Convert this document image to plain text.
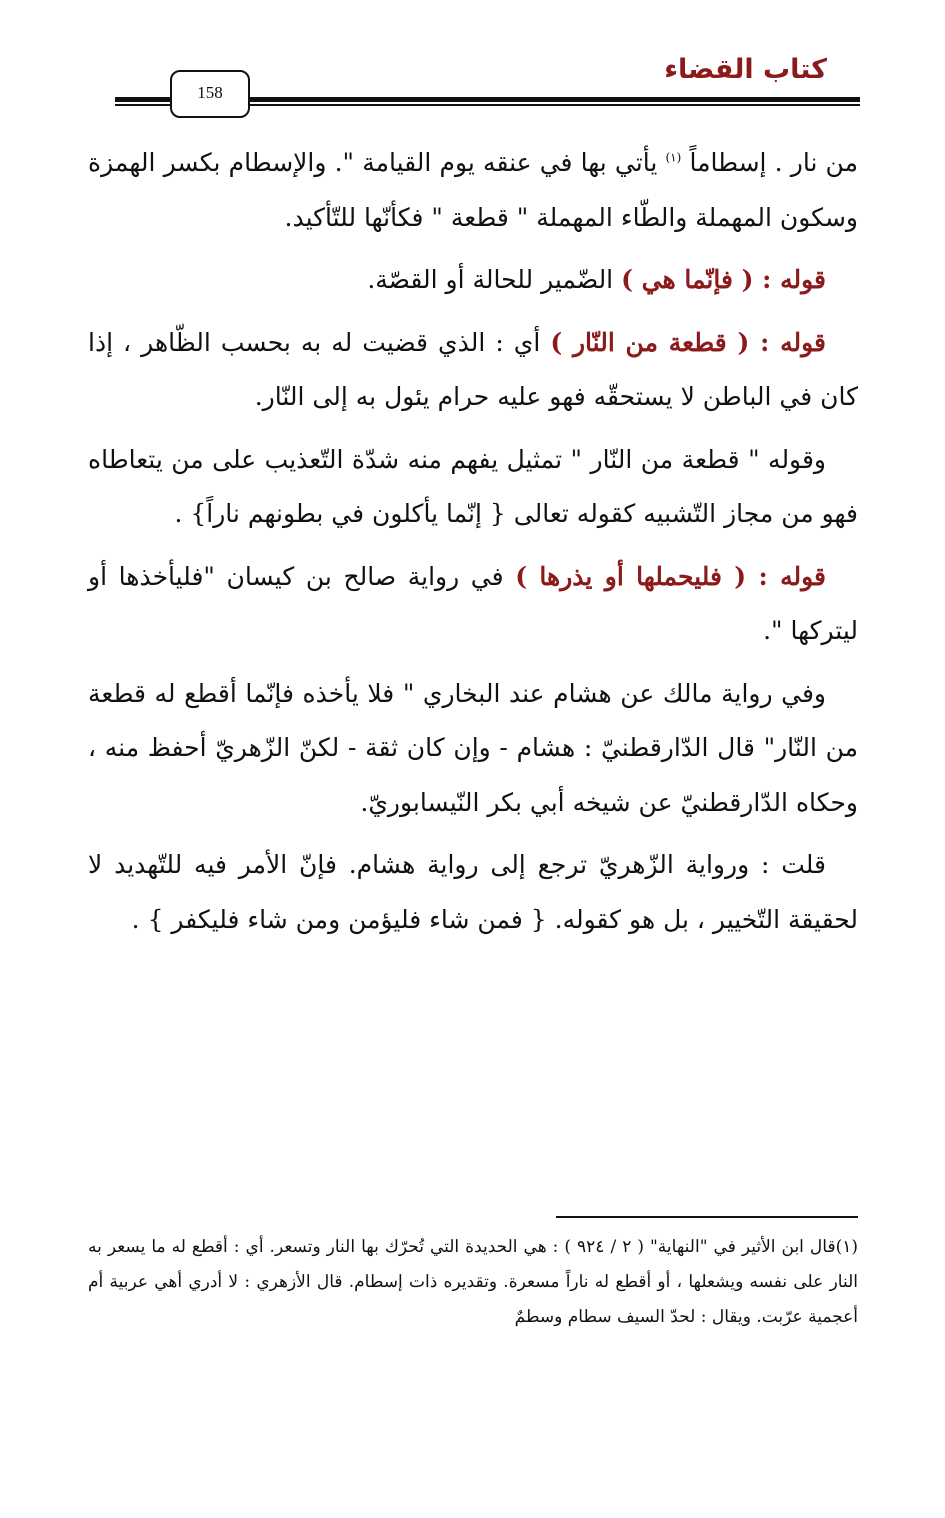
كتاب القضاء
158

من نار . إسطاماً $^{(١)}$ يأتي بها في عنقه يوم القيامة ". والإسطام بكسر الهمزة وسكون المهملة والطّاء المهملة " قطعة " فكأنّها للتّأكيد.

قوله : ( فإنّما هي ) الضّمير للحالة أو القصّة.

قوله : ( قطعة من النّار ) أي : الذي قضيت له به بحسب الظّاهر ، إذا كان في الباطن لا يستحقّه فهو عليه حرام يئول به إلى النّار.

وقوله " قطعة من النّار " تمثيل يفهم منه شدّة التّعذيب على من يتعاطاه فهو من مجاز التّشبيه كقوله تعالى { إنّما يأكلون في بطونهم ناراً} .

قوله : ( فليحملها أو يذرها ) في رواية صالح بن كيسان "فليأخذها أو ليتركها ".

وفي رواية مالك عن هشام عند البخاري " فلا يأخذه فإنّما أقطع له قطعة من النّار" قال الدّارقطنيّ : هشام - وإن كان ثقة - لكنّ الزّهريّ أحفظ منه ، وحكاه الدّارقطنيّ عن شيخه أبي بكر النّيسابوريّ.

قلت : ورواية الزّهريّ ترجع إلى رواية هشام. فإنّ الأمر فيه للتّهديد لا لحقيقة التّخيير ، بل هو كقوله. { فمن شاء فليؤمن ومن شاء فليكفر } .

(١)قال ابن الأثير في "النهاية" ( ٢ / ٩٢٤ ) : هي الحديدة التي تُحرّك بها النار وتسعر. أي : أقطع له ما يسعر به النار على نفسه ويشعلها ، أو أقطع له ناراً مسعرة. وتقديره ذات إسطام. قال الأزهري : لا أدري أهي عربية أم أعجمية عرّبت. ويقال : لحدّ السيف سطام وسطمٌ
